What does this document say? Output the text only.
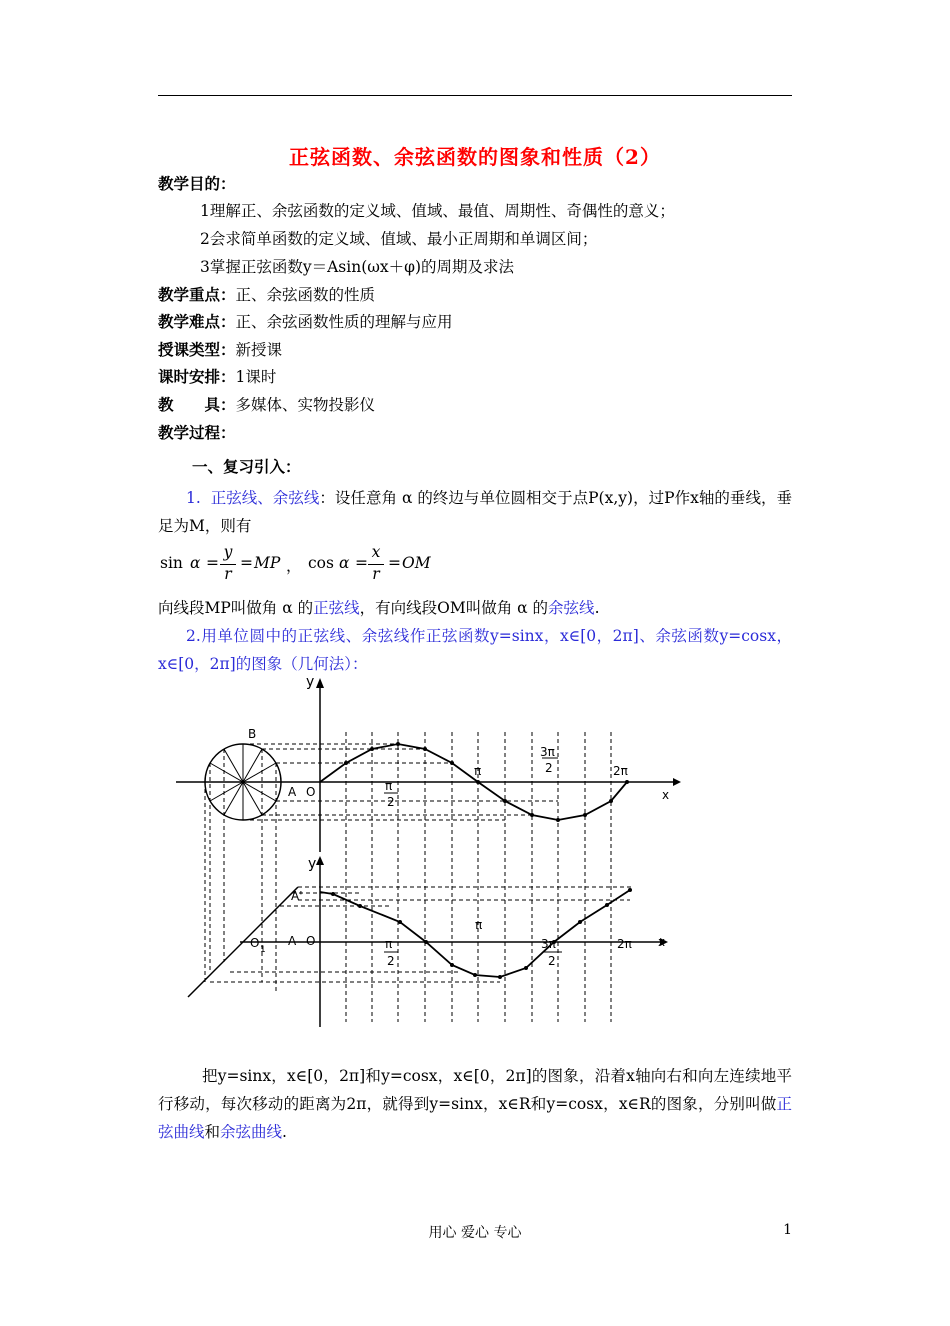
正弦函数、余弦函数的图象和性质（2）
教学目的：
1理解正、余弦函数的定义域、值域、最值、周期性、奇偶性的意义；
2会求简单函数的定义域、值域、最小正周期和单调区间；
3掌握正弦函数y＝Asin(ωx＋φ)的周期及求法
教学重点：正、余弦函数的性质
教学难点：正、余弦函数性质的理解与应用
授课类型：新授课
课时安排：1课时
教　　具：多媒体、实物投影仪
教学过程：
一、复习引入：
1. 正弦线、余弦线：设任意角 α 的终边与单位圆相交于点P(x,y)，过P作x轴的垂线，垂足为M，则有
sin α =
y
r
= MP ， cos α =
x
r
= OM
向线段MP叫做角 α 的正弦线，有向线段OM叫做角 α 的余弦线.
2.用单位圆中的正弦线、余弦线作正弦函数y=sinx，x∈[0，2π]、余弦函数y=cosx，x∈[0，2π]的图象（几何法）：
y
x
B
A O
π
π
2
3π
2	2π
y
x
A'
O 1
A O
π
π
2
3π
2
2π
把y=sinx，x∈[0，2π]和y=cosx，x∈[0，2π]的图象，沿着x轴向右和向左连续地平行移动，每次移动的距离为2π，就得到y=sinx，x∈R和y=cosx，x∈R的图象，分别叫做正弦曲线和余弦曲线.
用心 爱心 专心	1
